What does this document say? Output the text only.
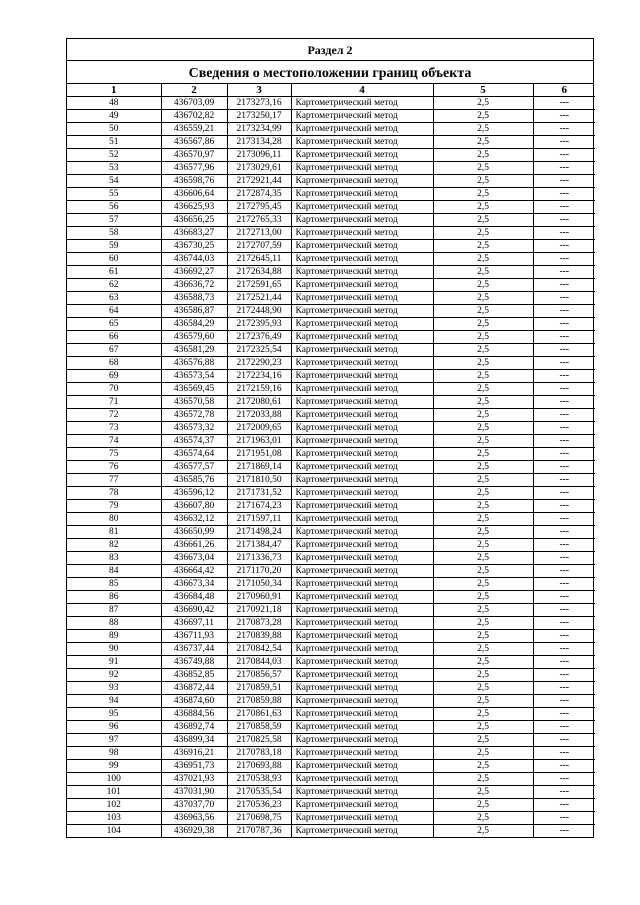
Раздел 2
Сведения о местоположении границ объекта
1	2	3	4	5	6
48	436703,09	2173273,16	Картометрический метод	2,5	---
49	436702,82	2173250,17	Картометрический метод	2,5	---
50	436559,21	2173234,99	Картометрический метод	2,5	---
51	436567,86	2173134,28	Картометрический метод	2,5	---
52	436570,97	2173096,11	Картометрический метод	2,5	---
53	436577,96	2173029,61	Картометрический метод	2,5	---
54	436598,76	2172921,44	Картометрический метод	2,5	---
55	436606,64	2172874,35	Картометрический метод	2,5	---
56	436625,93	2172795,45	Картометрический метод	2,5	---
57	436656,25	2172765,33	Картометрический метод	2,5	---
58	436683,27	2172713,00	Картометрический метод	2,5	---
59	436730,25	2172707,59	Картометрический метод	2,5	---
60	436744,03	2172645,11	Картометрический метод	2,5	---
61	436692,27	2172634,88	Картометрический метод	2,5	---
62	436636,72	2172591,65	Картометрический метод	2,5	---
63	436588,73	2172521,44	Картометрический метод	2,5	---
64	436586,87	2172448,90	Картометрический метод	2,5	---
65	436584,29	2172395,93	Картометрический метод	2,5	---
66	436579,60	2172376,49	Картометрический метод	2,5	---
67	436581,29	2172325,54	Картометрический метод	2,5	---
68	436576,88	2172290,23	Картометрический метод	2,5	---
69	436573,54	2172234,16	Картометрический метод	2,5	---
70	436569,45	2172159,16	Картометрический метод	2,5	---
71	436570,58	2172080,61	Картометрический метод	2,5	---
72	436572,78	2172033,88	Картометрический метод	2,5	---
73	436573,32	2172009,65	Картометрический метод	2,5	---
74	436574,37	2171963,01	Картометрический метод	2,5	---
75	436574,64	2171951,08	Картометрический метод	2,5	---
76	436577,57	2171869,14	Картометрический метод	2,5	---
77	436585,76	2171810,50	Картометрический метод	2,5	---
78	436596,12	2171731,52	Картометрический метод	2,5	---
79	436607,80	2171674,23	Картометрический метод	2,5	---
80	436632,12	2171597,11	Картометрический метод	2,5	---
81	436650,99	2171498,24	Картометрический метод	2,5	---
82	436661,26	2171384,47	Картометрический метод	2,5	---
83	436673,04	2171336,73	Картометрический метод	2,5	---
84	436664,42	2171170,20	Картометрический метод	2,5	---
85	436673,34	2171050,34	Картометрический метод	2,5	---
86	436684,48	2170960,91	Картометрический метод	2,5	---
87	436690,42	2170921,18	Картометрический метод	2,5	---
88	436697,11	2170873,28	Картометрический метод	2,5	---
89	436711,93	2170839,88	Картометрический метод	2,5	---
90	436737,44	2170842,54	Картометрический метод	2,5	---
91	436749,88	2170844,03	Картометрический метод	2,5	---
92	436852,85	2170856,57	Картометрический метод	2,5	---
93	436872,44	2170859,51	Картометрический метод	2,5	---
94	436874,60	2170859,88	Картометрический метод	2,5	---
95	436884,56	2170861,63	Картометрический метод	2,5	---
96	436892,74	2170858,59	Картометрический метод	2,5	---
97	436899,34	2170825,58	Картометрический метод	2,5	---
98	436916,21	2170783,18	Картометрический метод	2,5	---
99	436951,73	2170693,88	Картометрический метод	2,5	---
100	437021,93	2170538,93	Картометрический метод	2,5	---
101	437031,90	2170535,54	Картометрический метод	2,5	---
102	437037,70	2170536,23	Картометрический метод	2,5	---
103	436963,56	2170698,75	Картометрический метод	2,5	---
104	436929,38	2170787,36	Картометрический метод	2,5	---
